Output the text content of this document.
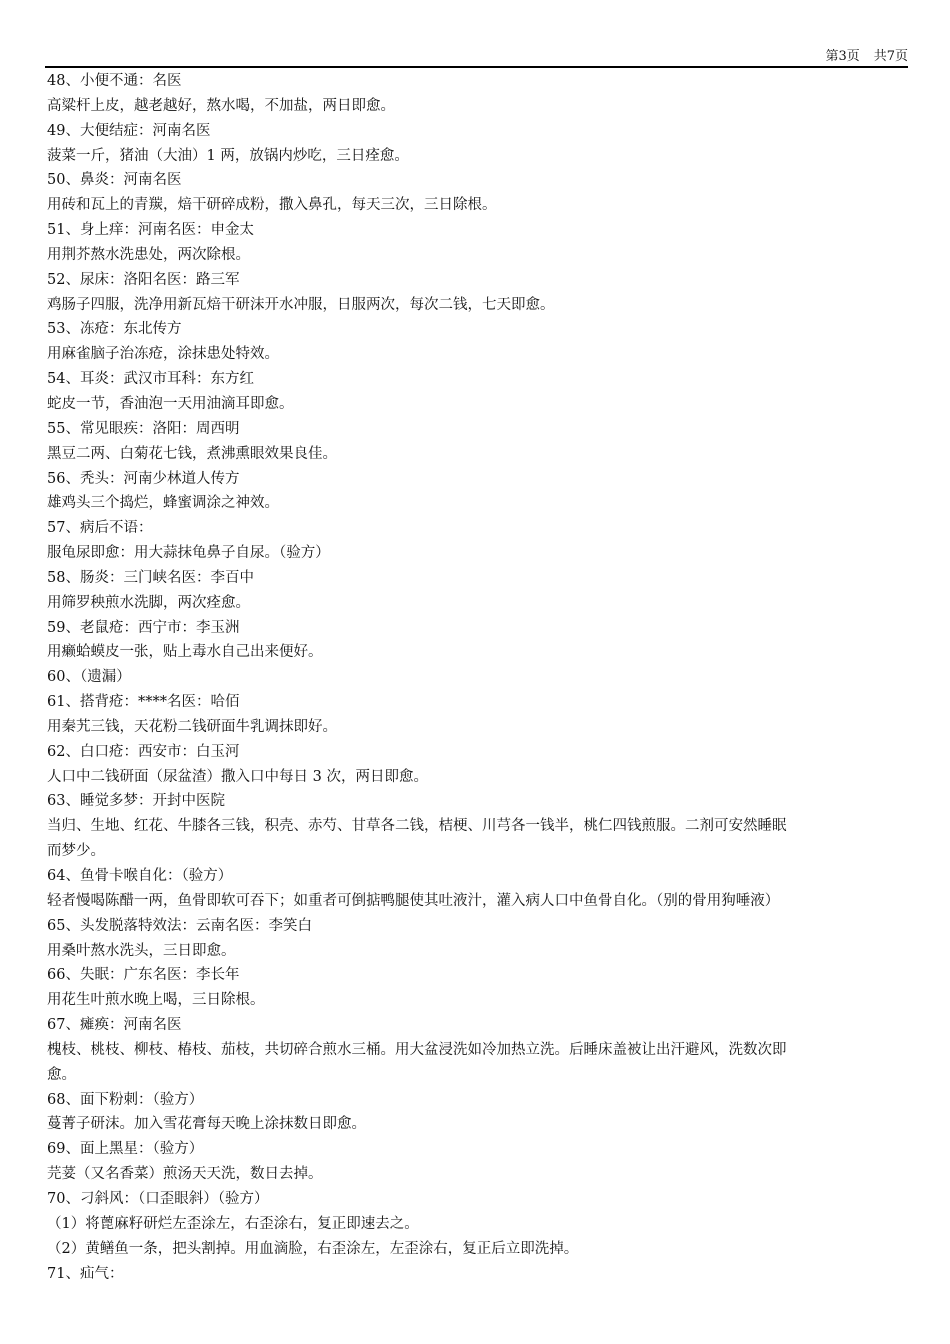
第3页 共7页

48、小便不通：名医

高粱杆上皮，越老越好，熬水喝，不加盐，两日即愈。

49、大便结症：河南名医

菠菜一斤，猪油（大油）1 两，放锅内炒吃，三日痊愈。

50、鼻炎：河南名医

用砖和瓦上的青羰，焙干研碎成粉，撒入鼻孔，每天三次，三日除根。

51、身上痒：河南名医：申金太

用荆芥熬水洗患处，两次除根。

52、尿床：洛阳名医：路三军

鸡肠子四服，洗净用新瓦焙干研沫开水冲服，日服两次，每次二钱，七天即愈。

53、冻疮：东北传方

用麻雀脑子治冻疮，涂抹患处特效。

54、耳炎：武汉市耳科：东方红

蛇皮一节，香油泡一天用油滴耳即愈。

55、常见眼疾：洛阳：周西明

黑豆二两、白菊花七钱，煮沸熏眼效果良佳。

56、秃头：河南少林道人传方

雄鸡头三个捣烂，蜂蜜调涂之神效。

57、病后不语：

服龟尿即愈：用大蒜抹龟鼻子自尿。（验方）

58、肠炎：三门峡名医：李百中

用筛罗秧煎水洗脚，两次痊愈。

59、老鼠疮：西宁市：李玉洲

用癞蛤蟆皮一张，贴上毒水自己出来便好。

60、（遗漏）

61、搭背疮：****名医：哈佰

用秦艽三钱，天花粉二钱研面牛乳调抹即好。

62、白口疮：西安市：白玉河

人口中二钱研面（尿盆渣）撒入口中每日 3 次，两日即愈。

63、睡觉多梦：开封中医院

当归、生地、红花、牛膝各三钱，积壳、赤芍、甘草各二钱，桔梗、川芎各一钱半，桃仁四钱煎服。二剂可安然睡眠

而梦少。

64、鱼骨卡喉自化：（验方）

轻者慢喝陈醋一两，鱼骨即软可吞下；如重者可倒掂鸭腿使其吐液汁，灌入病人口中鱼骨自化。（别的骨用狗唾液）

65、头发脱落特效法：云南名医：李笑白

用桑叶熬水洗头，三日即愈。

66、失眠：广东名医：李长年

用花生叶煎水晚上喝，三日除根。

67、瘫痪：河南名医

槐枝、桃枝、柳枝、椿枝、茄枝，共切碎合煎水三桶。用大盆浸洗如冷加热立洗。后睡床盖被让出汗避风，洗数次即

愈。

68、面下粉刺：（验方）

蔓菁子研沫。加入雪花膏每天晚上涂抹数日即愈。

69、面上黑星：（验方）

芫荽（又名香菜）煎汤天天洗，数日去掉。

70、刁斜风：（口歪眼斜）（验方）

（1）将蓖麻籽研烂左歪涂左，右歪涂右，复正即速去之。

（2）黄鳝鱼一条，把头割掉。用血滴脸，右歪涂左，左歪涂右，复正后立即洗掉。

71、疝气：
